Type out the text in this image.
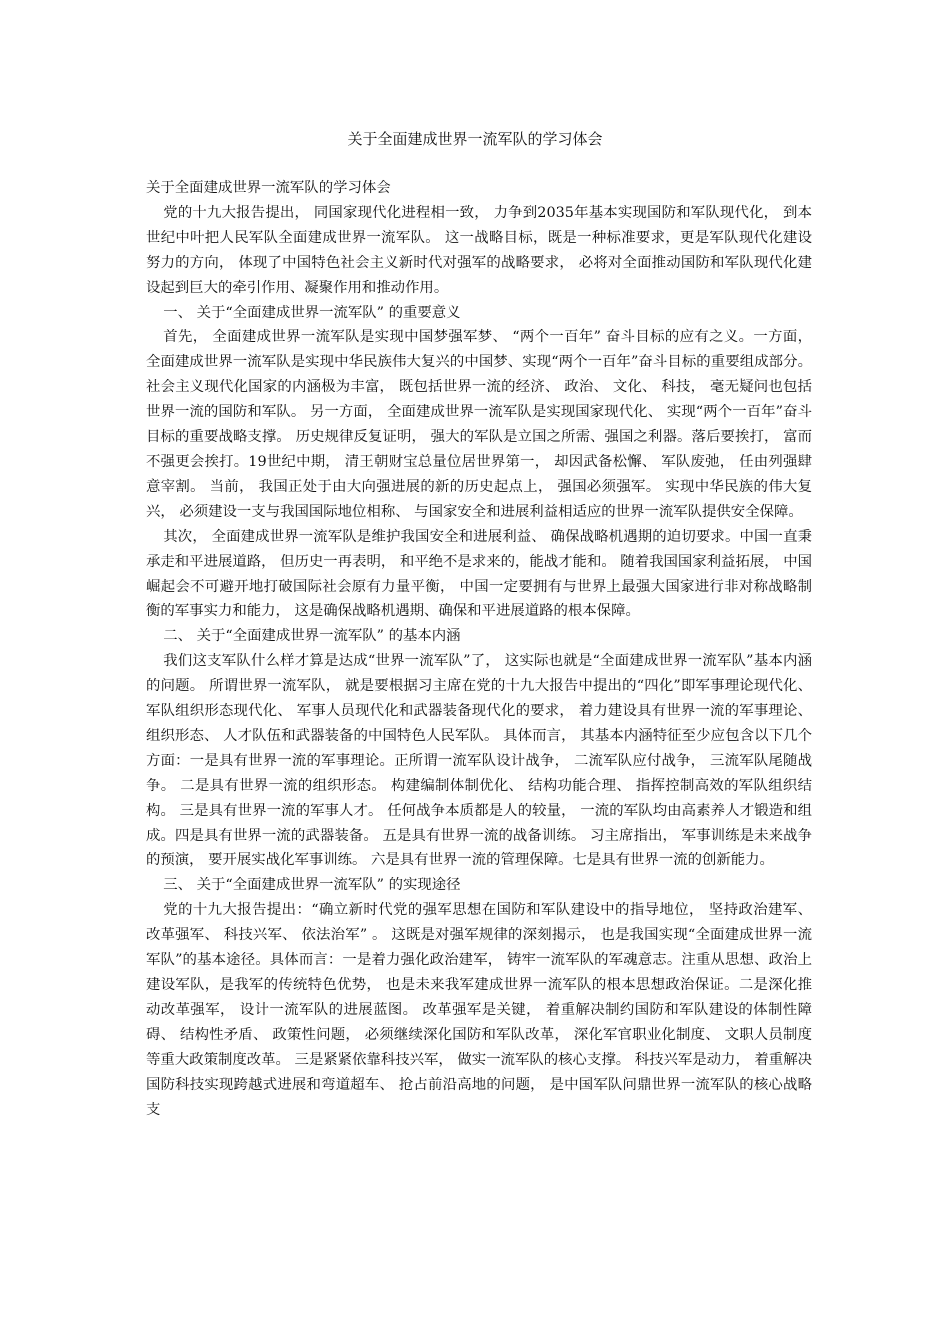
关于全面建成世界一流军队的学习体会

关于全面建成世界一流军队的学习体会

党的十九大报告提出， 同国家现代化进程相一致， 力争到2035年基本实现国防和军队现代化， 到本世纪中叶把人民军队全面建成世界一流军队。 这一战略目标，既是一种标准要求，更是军队现代化建设努力的方向， 体现了中国特色社会主义新时代对强军的战略要求， 必将对全面推动国防和军队现代化建设起到巨大的牵引作用、凝聚作用和推动作用。

一、 关于“全面建成世界一流军队” 的重要意义

首先， 全面建成世界一流军队是实现中国梦强军梦、 “两个一百年” 奋斗目标的应有之义。一方面， 全面建成世界一流军队是实现中华民族伟大复兴的中国梦、实现“两个一百年”奋斗目标的重要组成部分。 社会主义现代化国家的内涵极为丰富， 既包括世界一流的经济、 政治、 文化、 科技， 毫无疑问也包括世界一流的国防和军队。 另一方面， 全面建成世界一流军队是实现国家现代化、 实现“两个一百年”奋斗目标的重要战略支撑。 历史规律反复证明， 强大的军队是立国之所需、强国之利器。落后要挨打， 富而不强更会挨打。19世纪中期， 清王朝财宝总量位居世界第一， 却因武备松懈、 军队废弛， 任由列强肆意宰割。 当前， 我国正处于由大向强进展的新的历史起点上， 强国必须强军。 实现中华民族的伟大复兴， 必须建设一支与我国国际地位相称、 与国家安全和进展利益相适应的世界一流军队提供安全保障。

其次， 全面建成世界一流军队是维护我国安全和进展利益、 确保战略机遇期的迫切要求。中国一直秉承走和平进展道路， 但历史一再表明， 和平绝不是求来的，能战才能和。 随着我国国家利益拓展， 中国崛起会不可避开地打破国际社会原有力量平衡， 中国一定要拥有与世界上最强大国家进行非对称战略制衡的军事实力和能力， 这是确保战略机遇期、确保和平进展道路的根本保障。

二、 关于“全面建成世界一流军队” 的基本内涵

我们这支军队什么样才算是达成“世界一流军队”了， 这实际也就是“全面建成世界一流军队”基本内涵的问题。 所谓世界一流军队， 就是要根据习主席在党的十九大报告中提出的“四化”即军事理论现代化、 军队组织形态现代化、 军事人员现代化和武器装备现代化的要求， 着力建设具有世界一流的军事理论、 组织形态、 人才队伍和武器装备的中国特色人民军队。 具体而言， 其基本内涵特征至少应包含以下几个方面：一是具有世界一流的军事理论。正所谓一流军队设计战争， 二流军队应付战争， 三流军队尾随战争。 二是具有世界一流的组织形态。 构建编制体制优化、 结构功能合理、 指挥控制高效的军队组织结构。 三是具有世界一流的军事人才。 任何战争本质都是人的较量， 一流的军队均由高素养人才锻造和组成。四是具有世界一流的武器装备。 五是具有世界一流的战备训练。 习主席指出， 军事训练是未来战争的预演， 要开展实战化军事训练。 六是具有世界一流的管理保障。七是具有世界一流的创新能力。

三、 关于“全面建成世界一流军队” 的实现途径

党的十九大报告提出：“确立新时代党的强军思想在国防和军队建设中的指导地位， 坚持政治建军、 改革强军、 科技兴军、 依法治军” 。 这既是对强军规律的深刻揭示， 也是我国实现“全面建成世界一流军队”的基本途径。具体而言：一是着力强化政治建军， 铸牢一流军队的军魂意志。注重从思想、政治上建设军队，是我军的传统特色优势， 也是未来我军建成世界一流军队的根本思想政治保证。二是深化推动改革强军， 设计一流军队的进展蓝图。 改革强军是关键， 着重解决制约国防和军队建设的体制性障碍、 结构性矛盾、 政策性问题， 必须继续深化国防和军队改革， 深化军官职业化制度、 文职人员制度等重大政策制度改革。 三是紧紧依靠科技兴军， 做实一流军队的核心支撑。 科技兴军是动力， 着重解决国防科技实现跨越式进展和弯道超车、 抢占前沿高地的问题， 是中国军队问鼎世界一流军队的核心战略支
